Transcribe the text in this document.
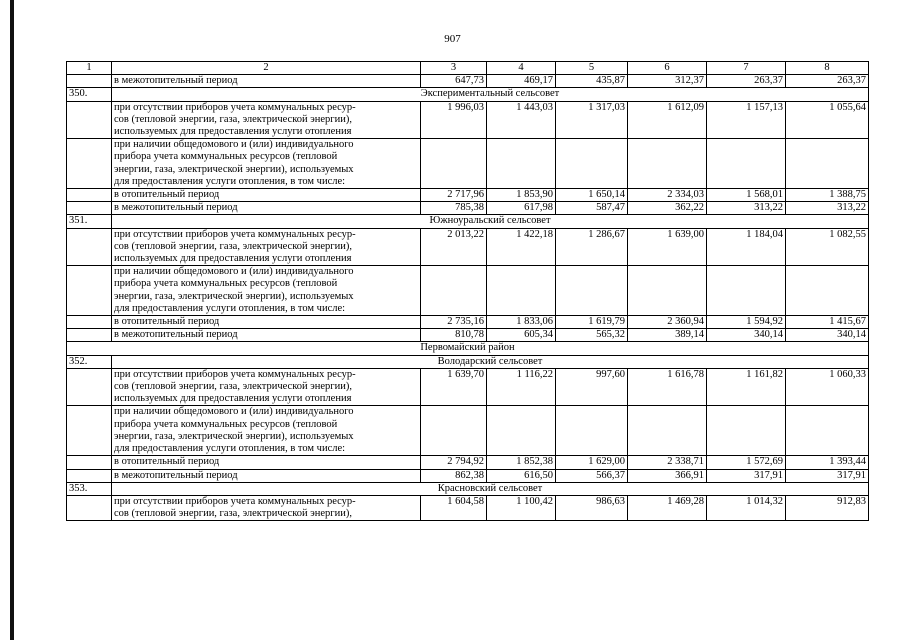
907
1	2	3	4	5	6	7	8
	в межотопительный период	647,73	469,17	435,87	312,37	263,37	263,37
350.	Экспериментальный сельсовет						
	при отсутствии приборов учета коммунальных ресур-
сов (тепловой энергии, газа, электрической энергии),
используемых для предоставления услуги отопления	1 996,03	1 443,03	1 317,03	1 612,09	1 157,13	1 055,64
	при наличии общедомового и (или) индивидуального
прибора учета коммунальных ресурсов (тепловой
энергии, газа, электрической энергии), используемых
для предоставления услуги отопления, в том числе:						
	в отопительный период	2 717,96	1 853,90	1 650,14	2 334,03	1 568,01	1 388,75
	в межотопительный период	785,38	617,98	587,47	362,22	313,22	313,22
351.	Южноуральский сельсовет						
	при отсутствии приборов учета коммунальных ресур-
сов (тепловой энергии, газа, электрической энергии),
используемых для предоставления услуги отопления	2 013,22	1 422,18	1 286,67	1 639,00	1 184,04	1 082,55
	при наличии общедомового и (или) индивидуального
прибора учета коммунальных ресурсов (тепловой
энергии, газа, электрической энергии), используемых
для предоставления услуги отопления, в том числе:						
	в отопительный период	2 735,16	1 833,06	1 619,79	2 360,94	1 594,92	1 415,67
	в межотопительный период	810,78	605,34	565,32	389,14	340,14	340,14
Первомайский район							
352.	Володарский сельсовет						
	при отсутствии приборов учета коммунальных ресур-
сов (тепловой энергии, газа, электрической энергии),
используемых для предоставления услуги отопления	1 639,70	1 116,22	997,60	1 616,78	1 161,82	1 060,33
	при наличии общедомового и (или) индивидуального
прибора учета коммунальных ресурсов (тепловой
энергии, газа, электрической энергии), используемых
для предоставления услуги отопления, в том числе:						
	в отопительный период	2 794,92	1 852,38	1 629,00	2 338,71	1 572,69	1 393,44
	в межотопительный период	862,38	616,50	566,37	366,91	317,91	317,91
353.	Красновский сельсовет						
	при отсутствии приборов учета коммунальных ресур-
сов (тепловой энергии, газа, электрической энергии),	1 604,58	1 100,42	986,63	1 469,28	1 014,32	912,83
